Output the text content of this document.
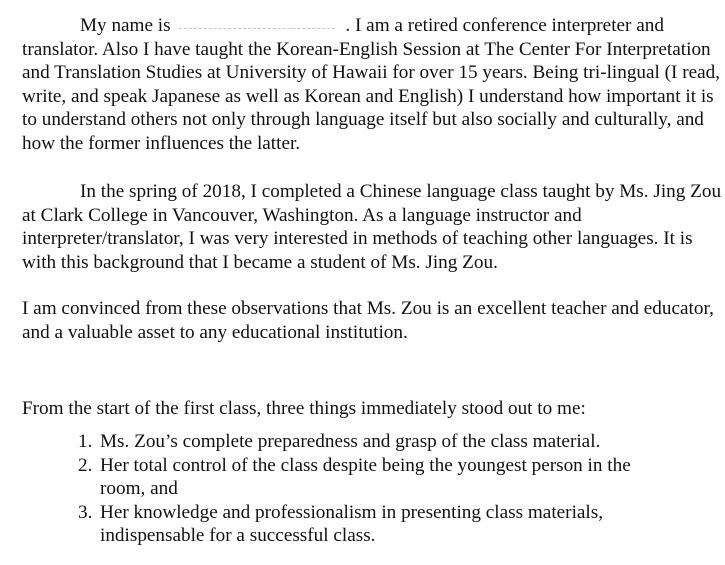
My name is	. I am a retired conference interpreter and translator. Also I have taught the Korean-English Session at The Center For Interpretation and Translation Studies at University of Hawaii for over 15 years. Being tri-lingual (I read, write, and speak Japanese as well as Korean and English) I understand how important it is to understand others not only through language itself but also socially and culturally, and how the former influences the latter.

In the spring of 2018, I completed a Chinese language class taught by Ms. Jing Zou at Clark College in Vancouver, Washington. As a language instructor and interpreter/translator, I was very interested in methods of teaching other languages. It is with this background that I became a student of Ms. Jing Zou.

I am convinced from these observations that Ms. Zou is an excellent teacher and educator, and a valuable asset to any educational institution.

From the start of the first class, three things immediately stood out to me:

1. Ms. Zou’s complete preparedness and grasp of the class material.
2. Her total control of the class despite being the youngest person in the room, and
3. Her knowledge and professionalism in presenting class materials, indispensable for a successful class.
